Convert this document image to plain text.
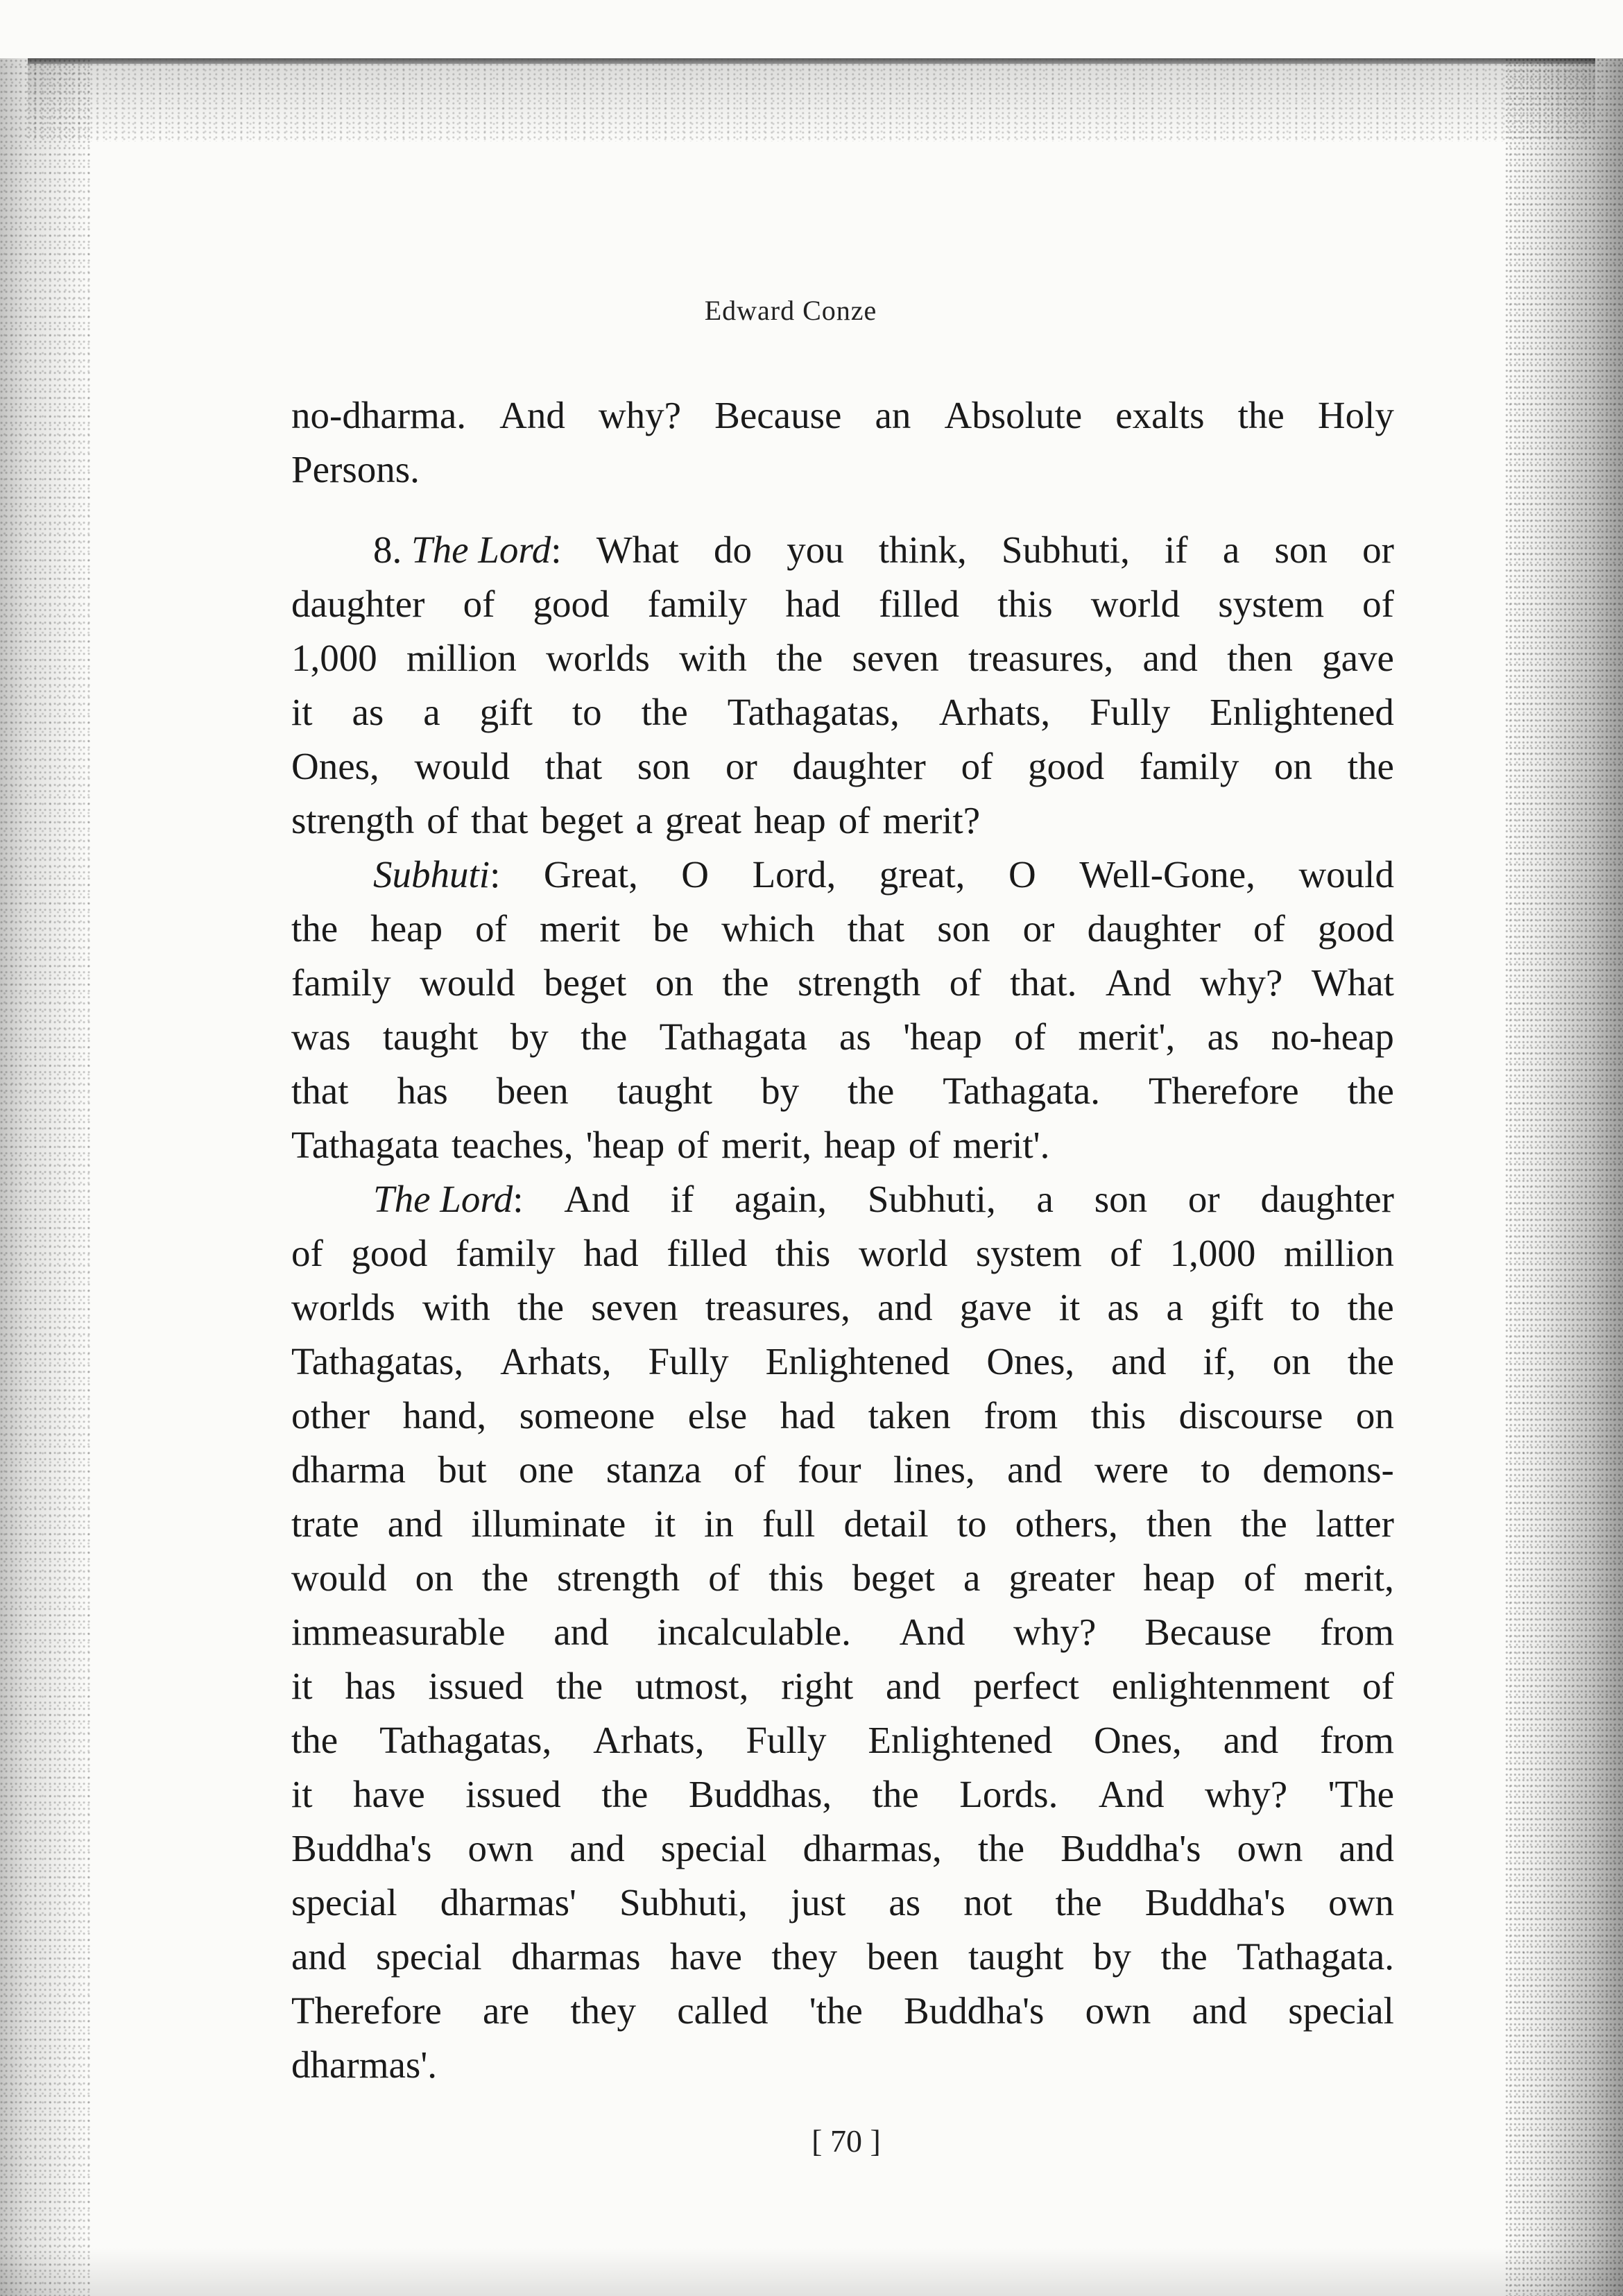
Edward Conze
no-dharma. And why? Because an Absolute exalts the Holy
Persons.
8. The Lord: What do you think, Subhuti, if a son or
daughter of good family had filled this world system of
1,000 million worlds with the seven treasures, and then gave
it as a gift to the Tathagatas, Arhats, Fully Enlightened
Ones, would that son or daughter of good family on the
strength of that beget a great heap of merit?
Subhuti: Great, O Lord, great, O Well-Gone, would
the heap of merit be which that son or daughter of good
family would beget on the strength of that. And why? What
was taught by the Tathagata as 'heap of merit', as no-heap
that has been taught by the Tathagata. Therefore the
Tathagata teaches, 'heap of merit, heap of merit'.
The Lord: And if again, Subhuti, a son or daughter
of good family had filled this world system of 1,000 million
worlds with the seven treasures, and gave it as a gift to the
Tathagatas, Arhats, Fully Enlightened Ones, and if, on the
other hand, someone else had taken from this discourse on
dharma but one stanza of four lines, and were to demons-
trate and illuminate it in full detail to others, then the latter
would on the strength of this beget a greater heap of merit,
immeasurable and incalculable. And why? Because from
it has issued the utmost, right and perfect enlightenment of
the Tathagatas, Arhats, Fully Enlightened Ones, and from
it have issued the Buddhas, the Lords. And why? 'The
Buddha's own and special dharmas, the Buddha's own and
special dharmas' Subhuti, just as not the Buddha's own
and special dharmas have they been taught by the Tathagata.
Therefore are they called 'the Buddha's own and special
dharmas'.
[ 70 ]
